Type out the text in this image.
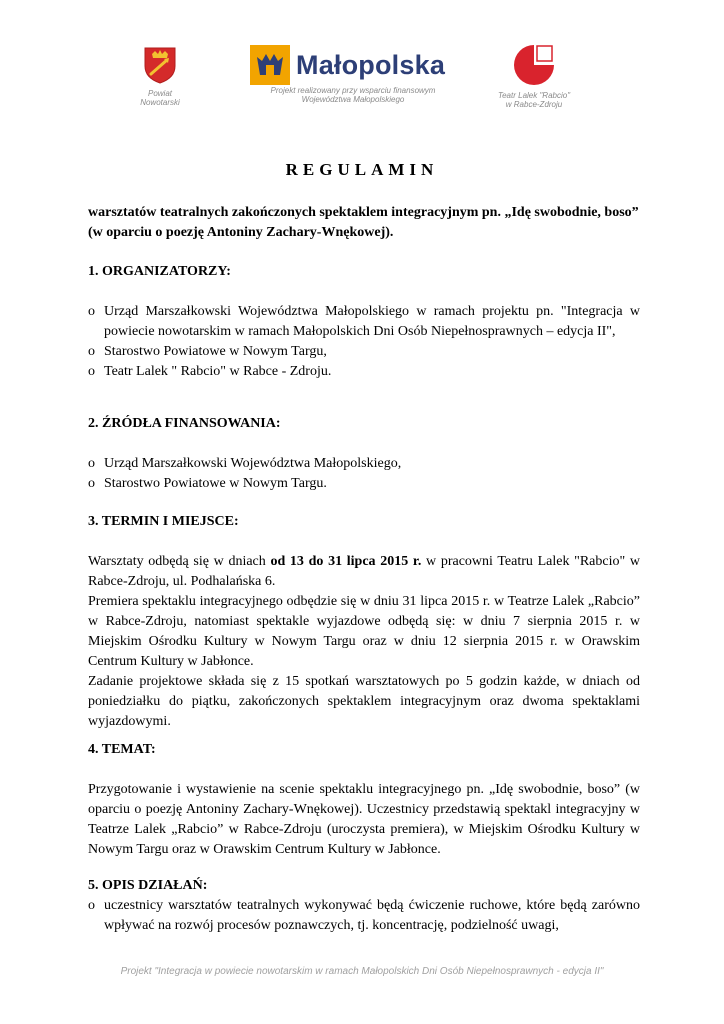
Powiat
Nowotarski
Małopolska
Projekt realizowany przy wsparciu finansowym
Województwa Małopolskiego	Teatr Lalek "Rabcio"
w Rabce-Zdroju
REGULAMIN

warsztatów teatralnych zakończonych spektaklem integracyjnym pn. „Idę swobodnie, boso” (w oparciu o poezję Antoniny Zachary-Wnękowej).

1. ORGANIZATORZY:

o Urząd Marszałkowski Województwa Małopolskiego w ramach projektu pn. "Integracja w powiecie nowotarskim w ramach Małopolskich Dni Osób Niepełnosprawnych – edycja II",
o Starostwo Powiatowe w Nowym Targu,
o Teatr Lalek " Rabcio" w Rabce - Zdroju.

2. ŹRÓDŁA FINANSOWANIA:

o Urząd Marszałkowski Województwa Małopolskiego,
o Starostwo Powiatowe w Nowym Targu.

3. TERMIN I MIEJSCE:

Warsztaty odbędą się w dniach od 13 do 31 lipca 2015 r. w pracowni Teatru Lalek "Rabcio" w Rabce-Zdroju, ul. Podhalańska 6.

Premiera spektaklu integracyjnego odbędzie się w dniu 31 lipca 2015 r. w Teatrze Lalek „Rabcio” w Rabce-Zdroju, natomiast spektakle wyjazdowe odbędą się: w dniu 7 sierpnia 2015 r. w Miejskim Ośrodku Kultury w Nowym Targu oraz w dniu 12 sierpnia 2015 r. w Orawskim Centrum Kultury w Jabłonce.

Zadanie projektowe składa się z 15 spotkań warsztatowych po 5 godzin każde, w dniach od poniedziałku do piątku, zakończonych spektaklem integracyjnym oraz dwoma spektaklami wyjazdowymi.

4. TEMAT:

Przygotowanie i wystawienie na scenie spektaklu integracyjnego pn. „Idę swobodnie, boso” (w oparciu o poezję Antoniny Zachary-Wnękowej). Uczestnicy przedstawią spektakl integracyjny w Teatrze Lalek „Rabcio” w Rabce-Zdroju (uroczysta premiera), w Miejskim Ośrodku Kultury w Nowym Targu oraz w Orawskim Centrum Kultury w Jabłonce.

5. OPIS DZIAŁAŃ:

o uczestnicy warsztatów teatralnych wykonywać będą ćwiczenie ruchowe, które będą zarówno wpływać na rozwój procesów poznawczych, tj. koncentrację, podzielność uwagi,
Projekt "Integracja w powiecie nowotarskim w ramach Małopolskich Dni Osób Niepełnosprawnych - edycja II"
